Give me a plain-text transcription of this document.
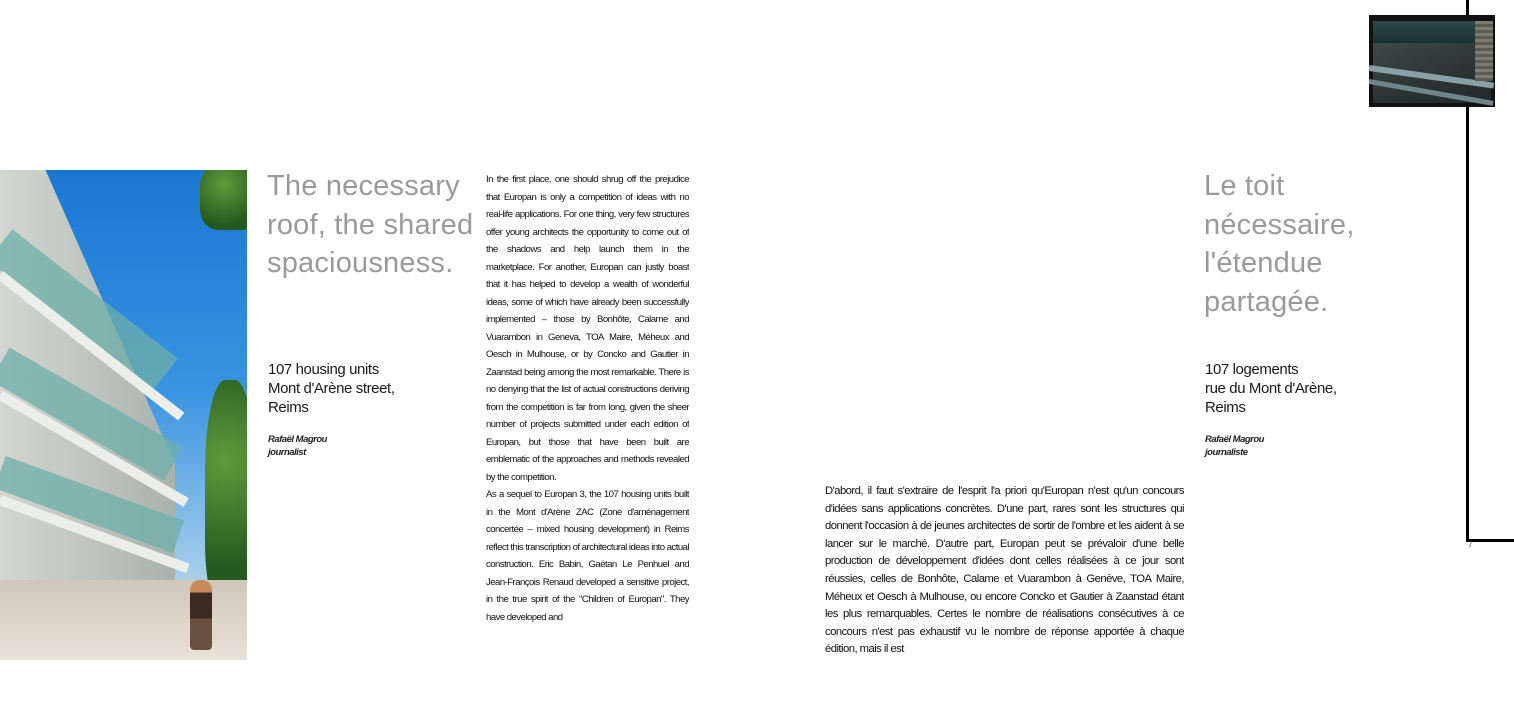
The necessary roof, the shared spaciousness.
107 housing units
Mont d'Arène street,
Reims
Rafaël Magrou
journalist

In the first place, one should shrug off the prejudice that Europan is only a competition of ideas with no real-life applications. For one thing, very few structures offer young architects the opportunity to come out of the shadows and help launch them in the marketplace. For another, Europan can justly boast that it has helped to develop a wealth of wonderful ideas, some of which have already been successfully implemented – those by Bonhôte, Calame and Vuarambon in Geneva, TOA Maire, Méheux and Oesch in Mulhouse, or by Concko and Gautier in Zaanstad being among the most remarkable. There is no denying that the list of actual constructions deriving from the competition is far from long, given the sheer number of projects submitted under each edition of Europan, but those that have been built are emblematic of the approaches and methods revealed by the competition.

As a sequel to Europan 3, the 107 housing units built in the Mont d'Arène ZAC (Zone d'aménagement concertée – mixed housing development) in Reims reflect this transcription of architectural ideas into actual construction. Eric Babin, Gaëtan Le Penhuel and Jean-François Renaud developed a sensitive project, in the true spirit of the "Children of Europan". They have developed and

D'abord, il faut s'extraire de l'esprit l'a priori qu'Europan n'est qu'un concours d'idées sans applications concrètes. D'une part, rares sont les structures qui donnent l'occasion à de jeunes architectes de sortir de l'ombre et les aident à se lancer sur le marché. D'autre part, Europan peut se prévaloir d'une belle production de développement d'idées dont celles réalisées à ce jour sont réussies, celles de Bonhôte, Calame et Vuarambon à Genève, TOA Maire, Méheux et Oesch à Mulhouse, ou encore Concko et Gautier à Zaanstad étant les plus remarquables. Certes le nombre de réalisations consécutives à ce concours n'est pas exhaustif vu le nombre de réponse apportée à chaque édition, mais il est

Le toit nécessaire, l'étendue partagée.
107 logements
rue du Mont d'Arène,
Reims
Rafaël Magrou
journaliste
7
